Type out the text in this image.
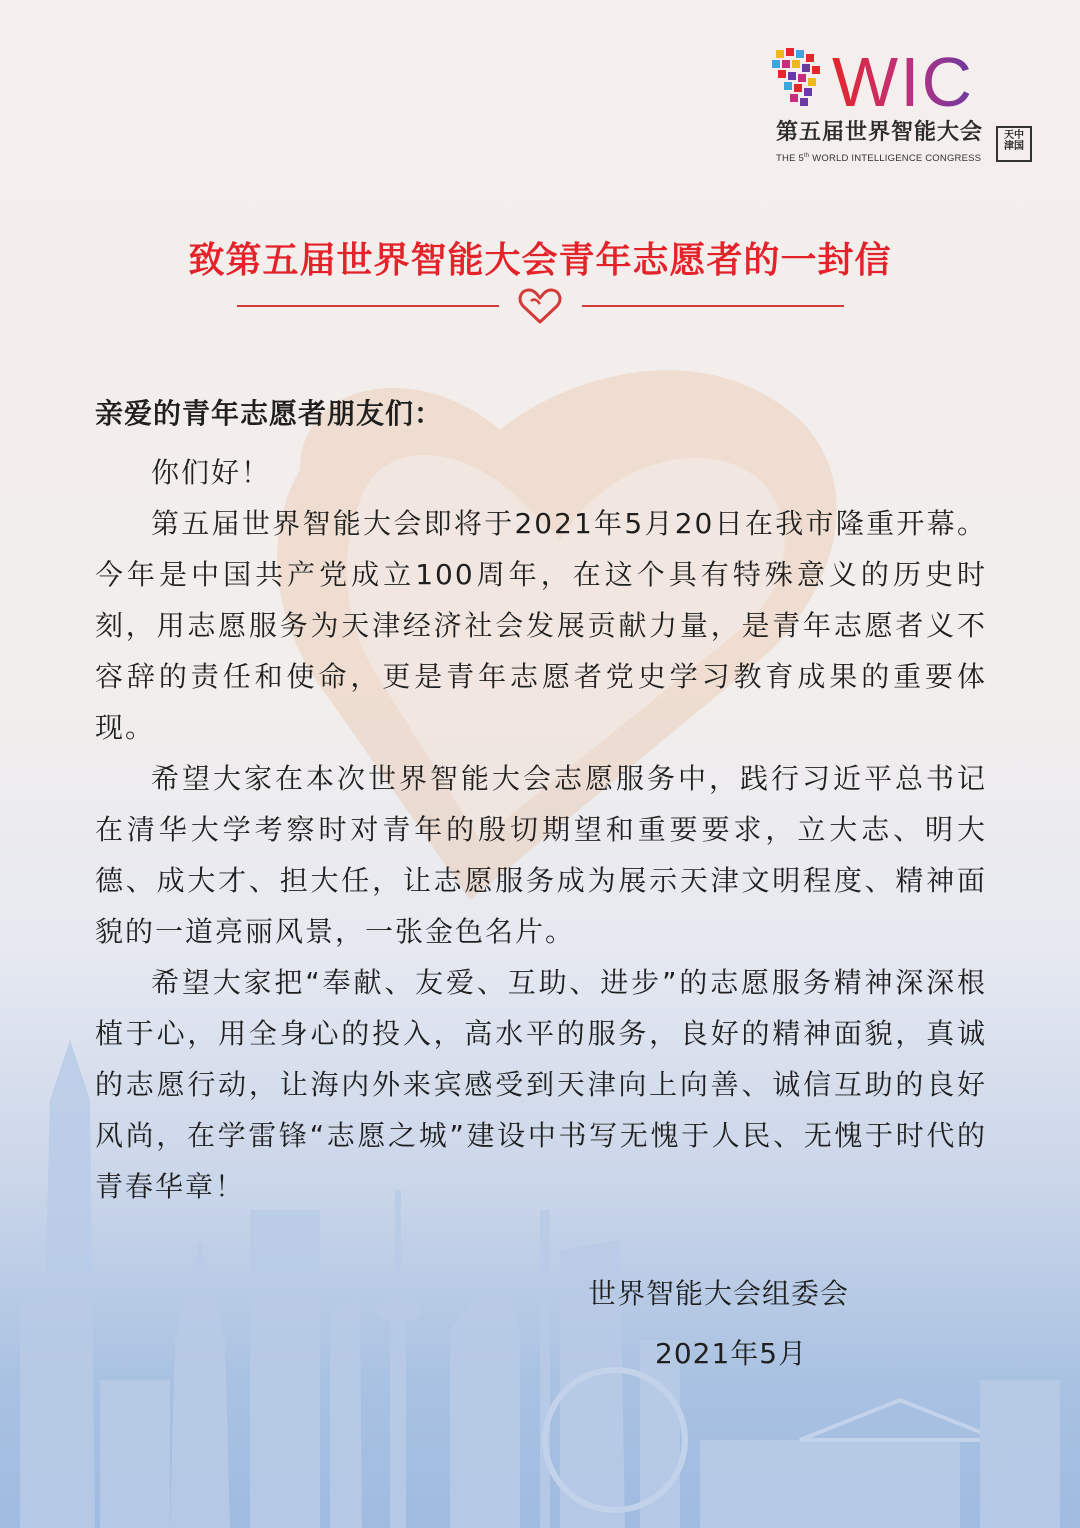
WIC
第五届世界智能大会
THE 5th WORLD INTELLIGENCE CONGRESS
天中津国
致第五届世界智能大会青年志愿者的一封信

亲爱的青年志愿者朋友们：

你们好！

第五届世界智能大会即将于2021年5月20日在我市隆重开幕。今年是中国共产党成立100周年，在这个具有特殊意义的历史时刻，用志愿服务为天津经济社会发展贡献力量，是青年志愿者义不容辞的责任和使命，更是青年志愿者党史学习教育成果的重要体现。

希望大家在本次世界智能大会志愿服务中，践行习近平总书记在清华大学考察时对青年的殷切期望和重要要求，立大志、明大德、成大才、担大任，让志愿服务成为展示天津文明程度、精神面貌的一道亮丽风景，一张金色名片。

希望大家把“奉献、友爱、互助、进步”的志愿服务精神深深根植于心，用全身心的投入，高水平的服务，良好的精神面貌，真诚的志愿行动，让海内外来宾感受到天津向上向善、诚信互助的良好风尚，在学雷锋“志愿之城”建设中书写无愧于人民、无愧于时代的青春华章！

世界智能大会组委会
2021年5月
